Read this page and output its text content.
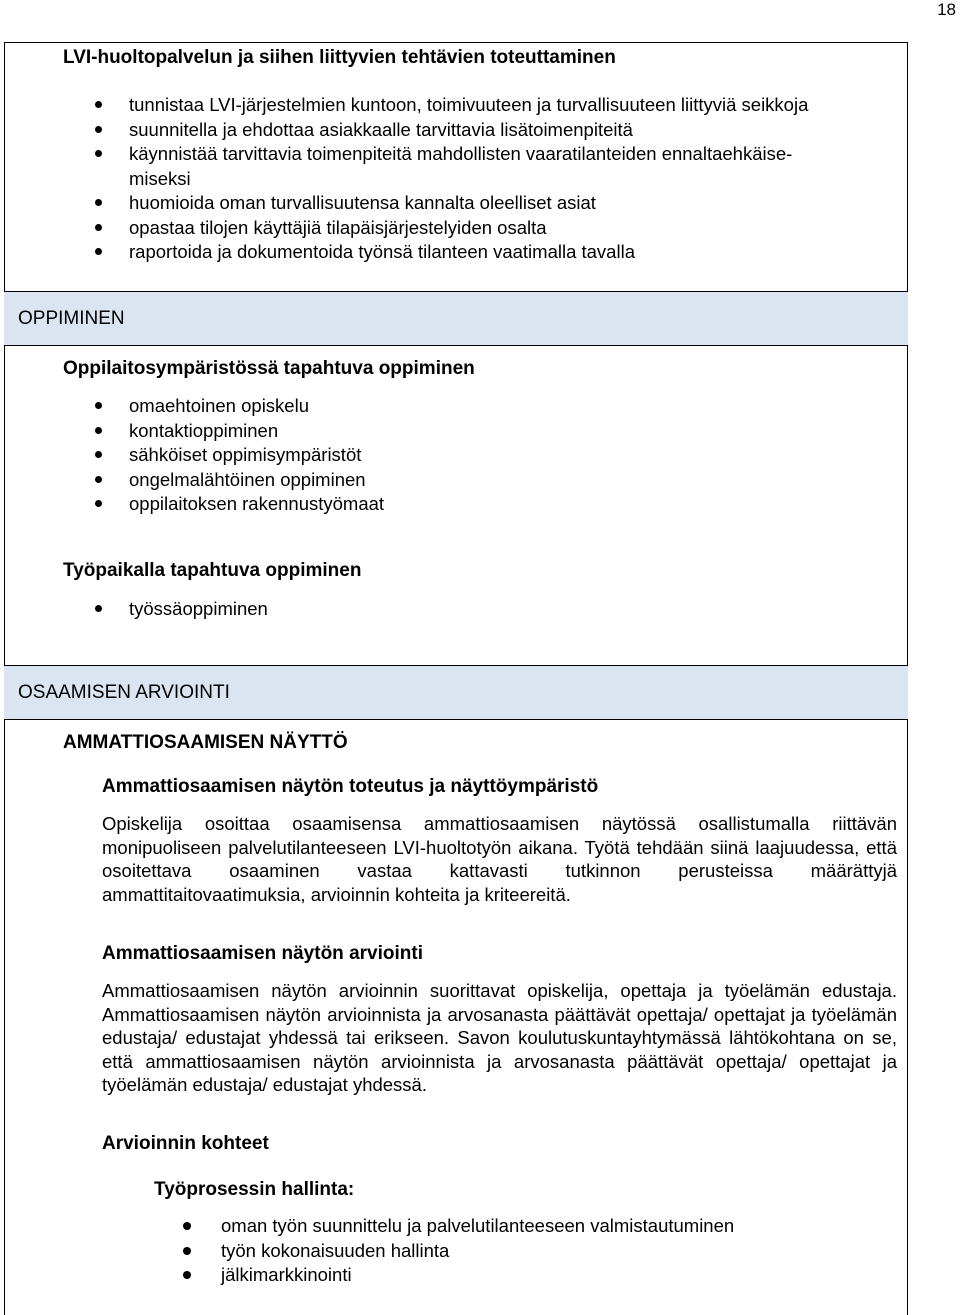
18
LVI-huoltopalvelun ja siihen liittyvien tehtävien toteuttaminen
tunnistaa LVI-järjestelmien kuntoon, toimivuuteen ja turvallisuuteen liittyviä seikkoja
suunnitella ja ehdottaa asiakkaalle tarvittavia lisätoimenpiteitä
käynnistää tarvittavia toimenpiteitä mahdollisten vaaratilanteiden ennaltaehkäise-
miseksi
huomioida oman turvallisuutensa kannalta oleelliset asiat
opastaa tilojen käyttäjiä tilapäisjärjestelyiden osalta
raportoida ja dokumentoida työnsä tilanteen vaatimalla tavalla
OPPIMINEN
Oppilaitosympäristössä tapahtuva oppiminen
omaehtoinen opiskelu
kontaktioppiminen
sähköiset oppimisympäristöt
ongelmalähtöinen oppiminen
oppilaitoksen rakennustyömaat
Työpaikalla tapahtuva oppiminen
työssäoppiminen
OSAAMISEN ARVIOINTI
AMMATTIOSAAMISEN NÄYTTÖ
Ammattiosaamisen näytön toteutus ja näyttöympäristö

Opiskelija osoittaa osaamisensa ammattiosaamisen näytössä osallistumalla riittävän monipuoliseen palvelutilanteeseen LVI-huoltotyön aikana. Työtä tehdään siinä laajuudessa, että osoitettava osaaminen vastaa kattavasti tutkinnon perusteissa määrättyjä ammattitaitovaatimuksia, arvioinnin kohteita ja kriteereitä.

Ammattiosaamisen näytön arviointi

Ammattiosaamisen näytön arvioinnin suorittavat opiskelija, opettaja ja työelämän edustaja. Ammattiosaamisen näytön arvioinnista ja arvosanasta päättävät opettaja/ opettajat ja työelämän edustaja/ edustajat yhdessä tai erikseen. Savon koulutuskuntayhtymässä lähtökohtana on se, että ammattiosaamisen näytön arvioinnista ja arvosanasta päättävät opettaja/ opettajat ja työelämän edustaja/ edustajat yhdessä.

Arvioinnin kohteet
Työprosessin hallinta:
oman työn suunnittelu ja palvelutilanteeseen valmistautuminen
työn kokonaisuuden hallinta
jälkimarkkinointi
